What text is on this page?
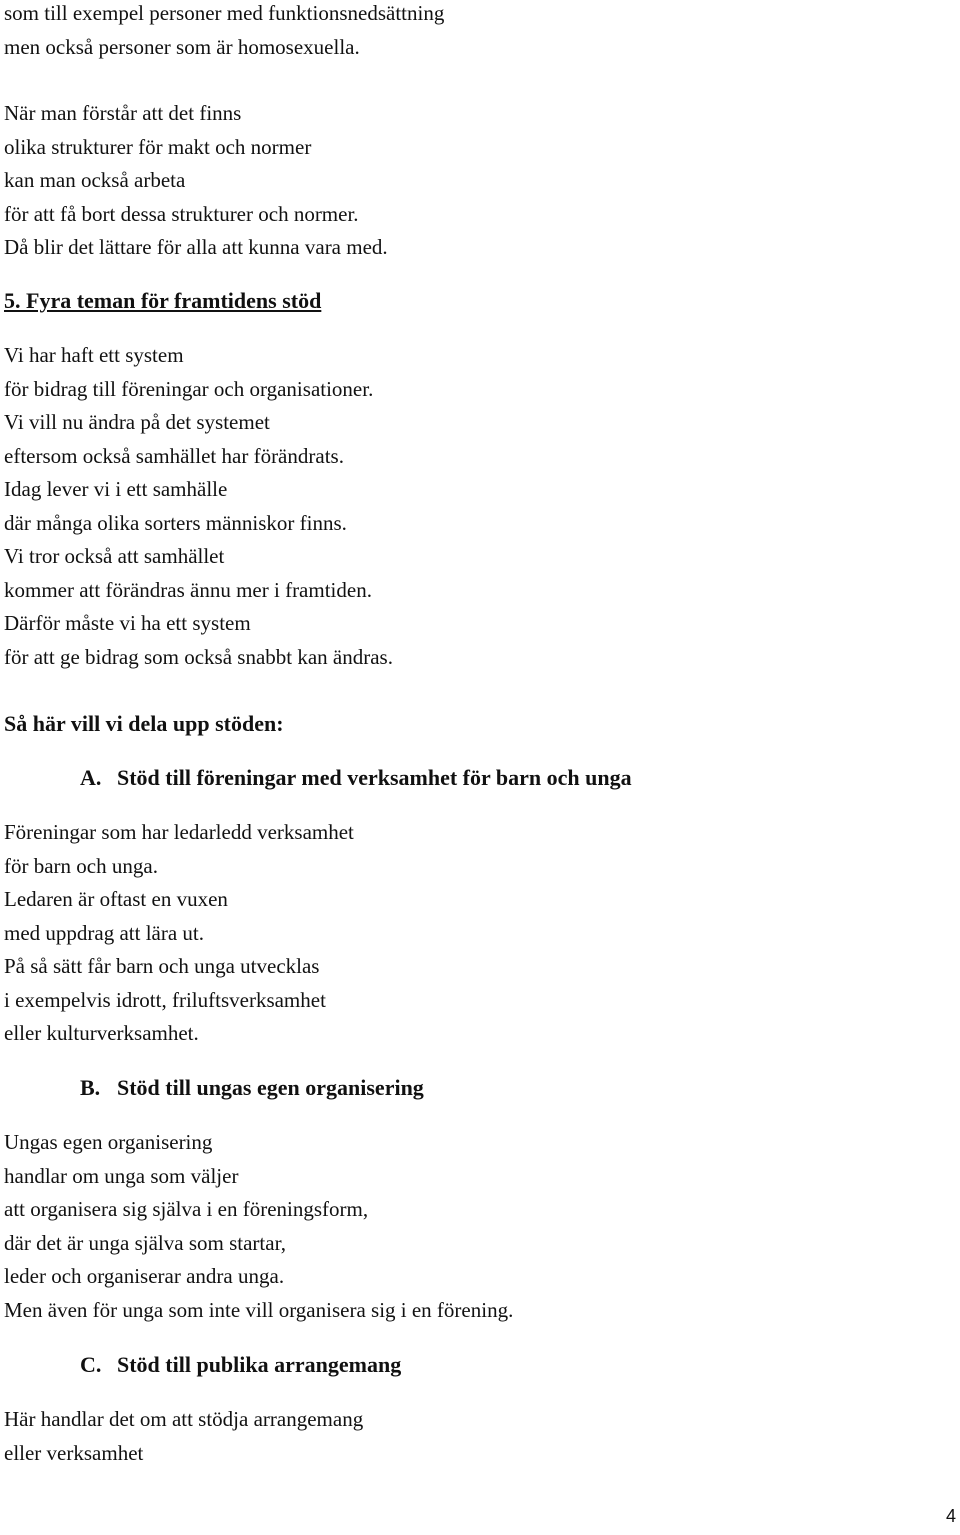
som till exempel personer med funktionsnedsättning
men också personer som är homosexuella.
När man förstår att det finns
olika strukturer för makt och normer
kan man också arbeta
för att få bort dessa strukturer och normer.
Då blir det lättare för alla att kunna vara med.
5. Fyra teman för framtidens stöd
Vi har haft ett system
för bidrag till föreningar och organisationer.
Vi vill nu ändra på det systemet
eftersom också samhället har förändrats.
Idag lever vi i ett samhälle
där många olika sorters människor finns.
Vi tror också att samhället
kommer att förändras ännu mer i framtiden.
Därför måste vi ha ett system
för att ge bidrag som också snabbt kan ändras.
Så här vill vi dela upp stöden:
A. Stöd till föreningar med verksamhet för barn och unga
Föreningar som har ledarledd verksamhet
för barn och unga.
Ledaren är oftast en vuxen
med uppdrag att lära ut.
På så sätt får barn och unga utvecklas
i exempelvis idrott, friluftsverksamhet
eller kulturverksamhet.
B. Stöd till ungas egen organisering
Ungas egen organisering
handlar om unga som väljer
att organisera sig själva i en föreningsform,
där det är unga själva som startar,
leder och organiserar andra unga.
Men även för unga som inte vill organisera sig i en förening.
C. Stöd till publika arrangemang
Här handlar det om att stödja arrangemang
eller verksamhet
4
